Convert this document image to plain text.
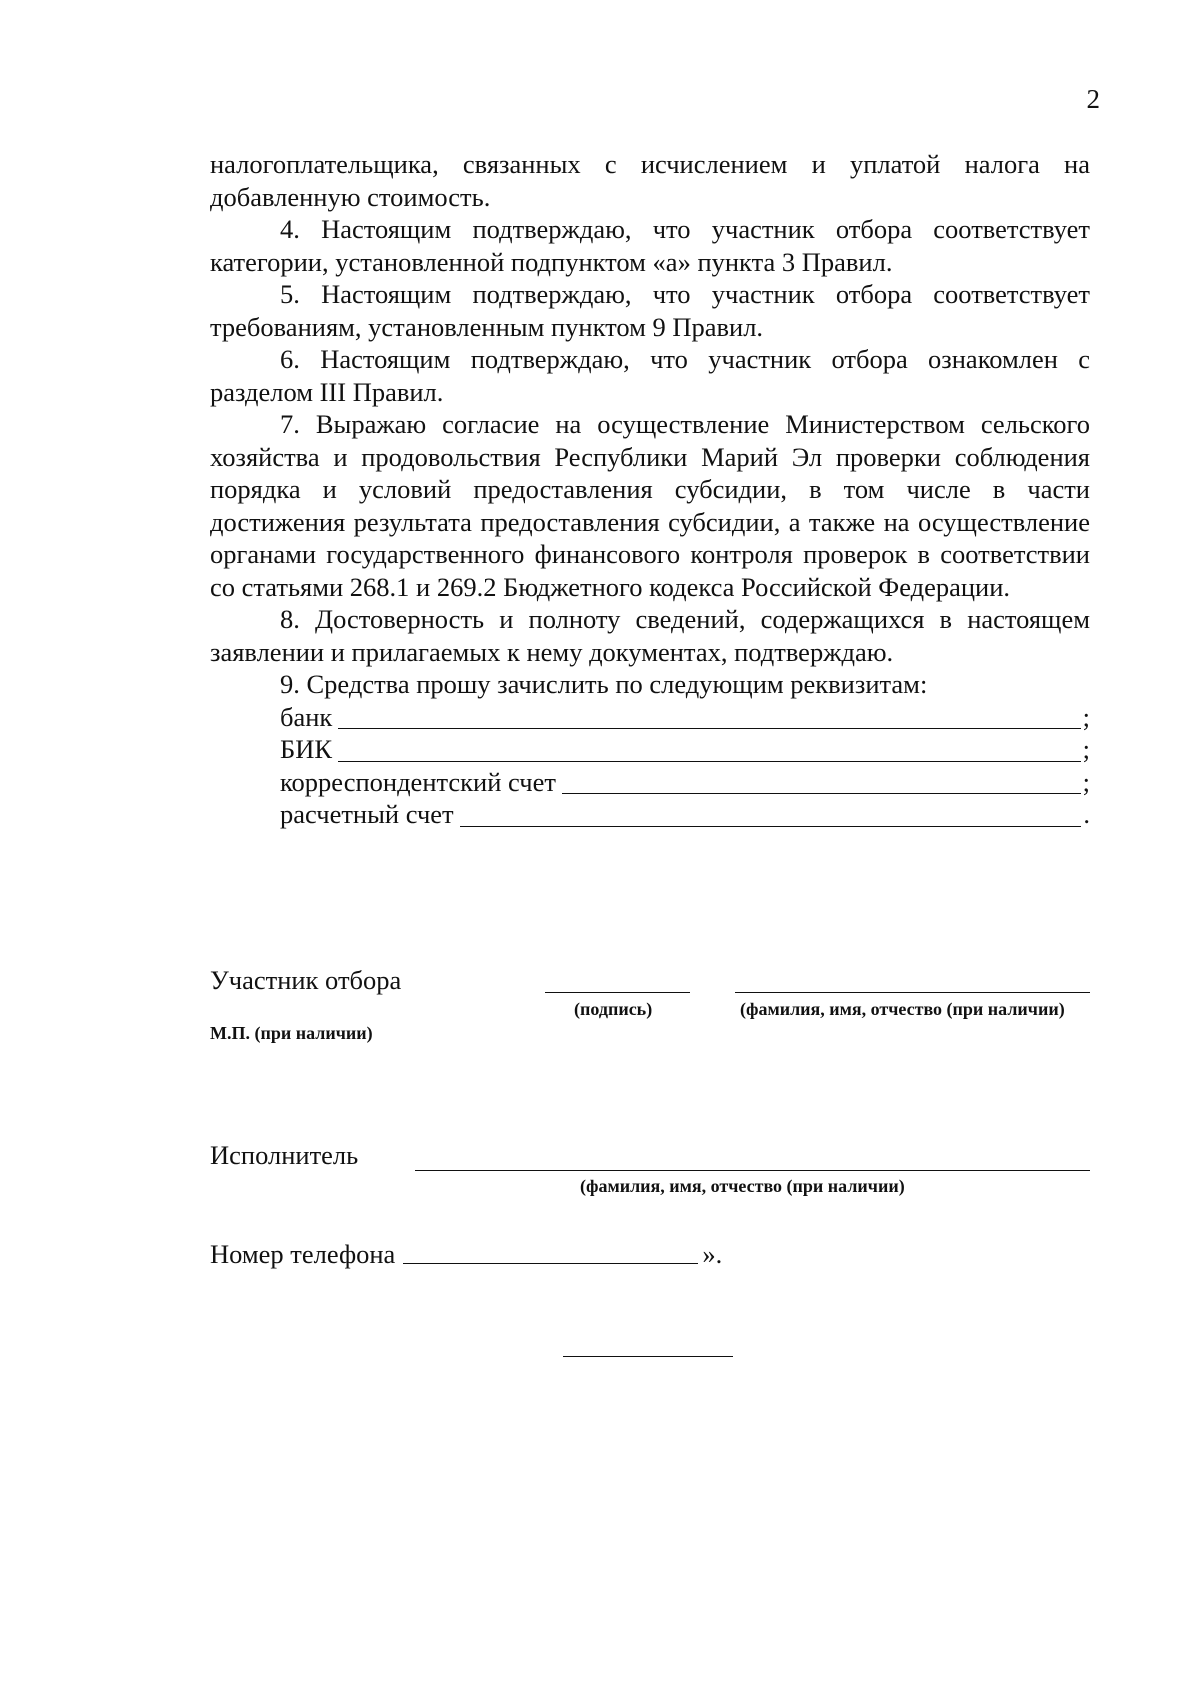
2

налогоплательщика, связанных с исчислением и уплатой налога на добавленную стоимость.

4. Настоящим подтверждаю, что участник отбора соответствует категории, установленной подпунктом «а» пункта 3 Правил.

5. Настоящим подтверждаю, что участник отбора соответствует требованиям, установленным пунктом 9 Правил.

6. Настоящим подтверждаю, что участник отбора ознакомлен с разделом III Правил.

7. Выражаю согласие на осуществление Министерством сельского хозяйства и продовольствия Республики Марий Эл проверки соблюдения порядка и условий предоставления субсидии, в том числе в части достижения результата предоставления субсидии, а также на осуществление органами государственного финансового контроля проверок в соответствии со статьями 268.1 и 269.2 Бюджетного кодекса Российской Федерации.

8. Достоверность и полноту сведений, содержащихся в настоящем заявлении и прилагаемых к нему документах, подтверждаю.

9. Средства прошу зачислить по следующим реквизитам:

банк	;
БИК	;
корреспондентский счет	;
расчетный счет	.
Участник отбора
(подпись)	(фамилия, имя, отчество (при наличии)
М.П. (при наличии)
Исполнитель
(фамилия, имя, отчество (при наличии)
Номер телефона	».
